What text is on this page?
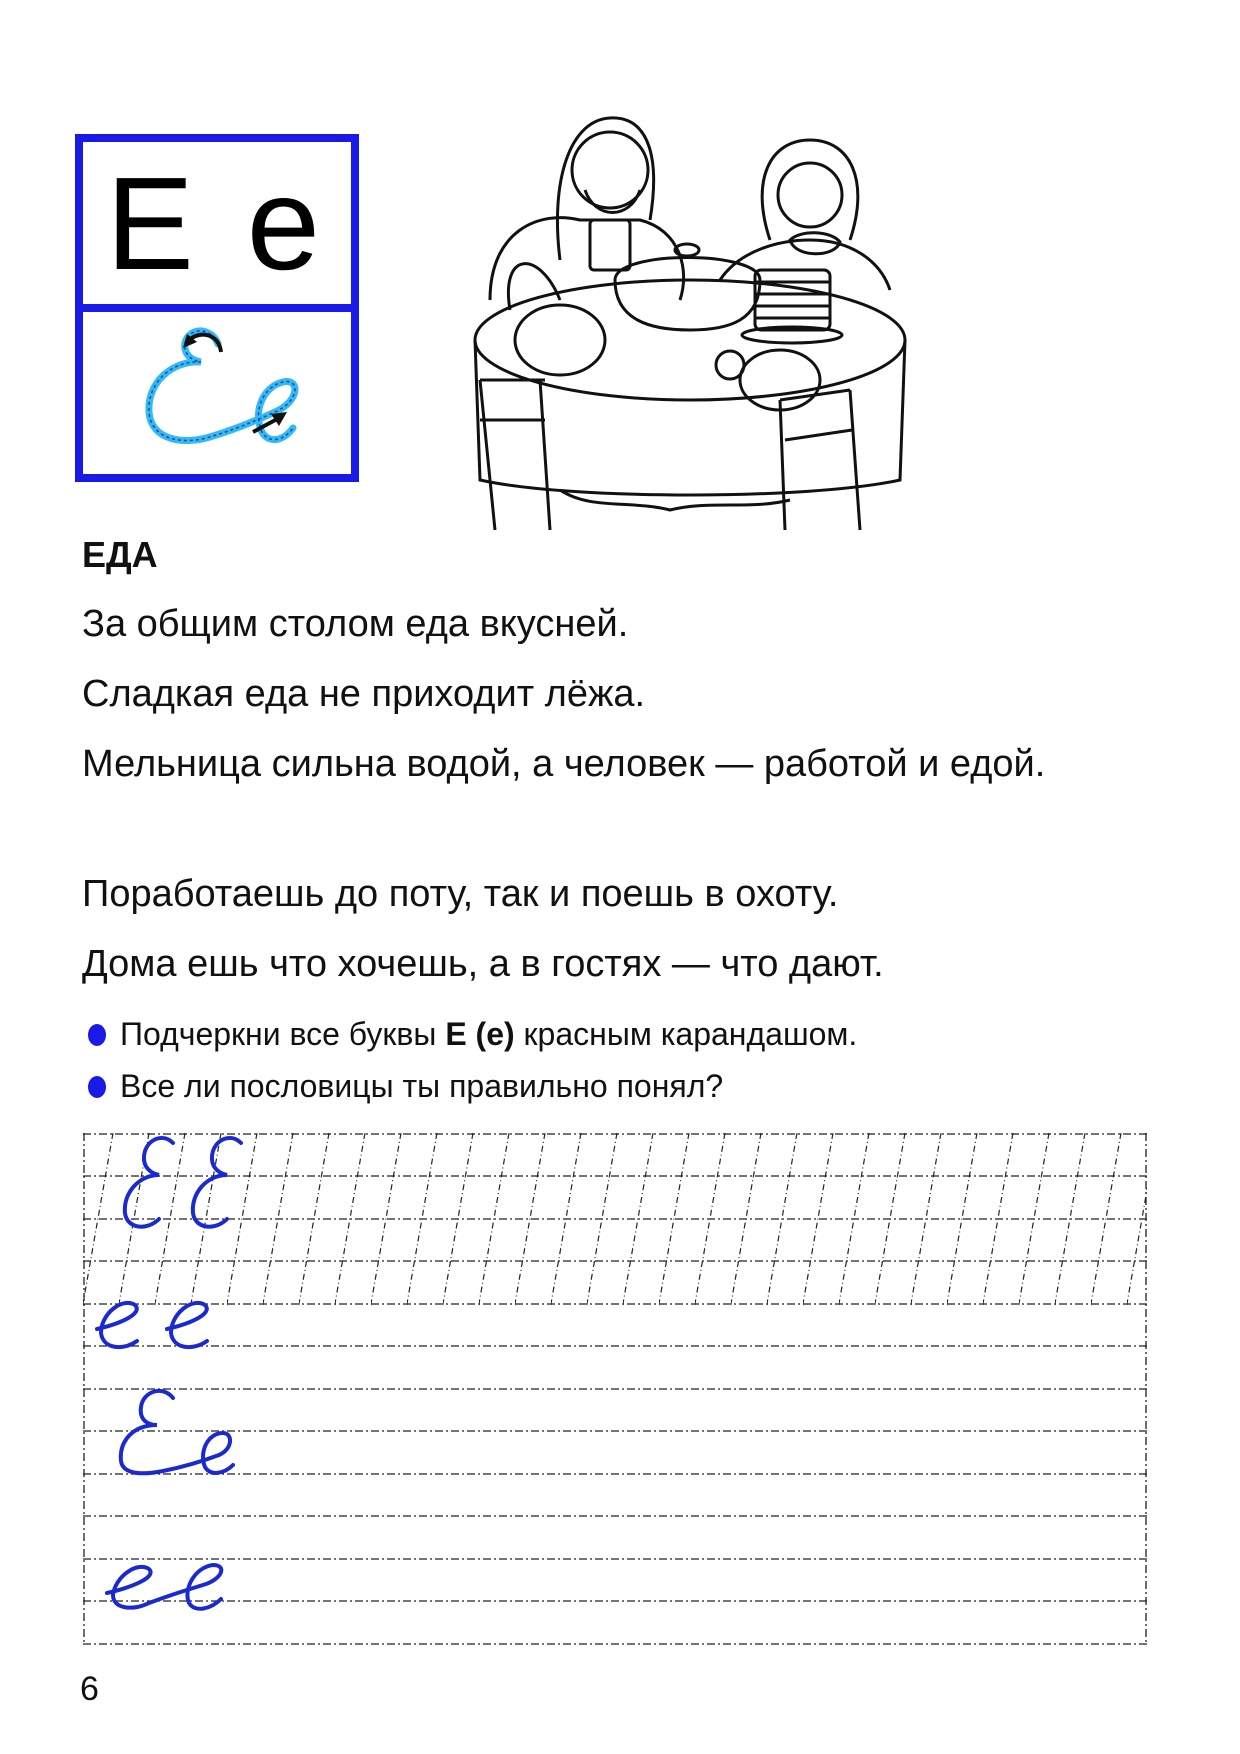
Е е
ЕДА
За общим столом еда вкусней.
Сладкая еда не приходит лёжа.
Мельница сильна водой, а человек — работой и едой.
Поработаешь до поту, так и поешь в охоту.
Дома ешь что хочешь, а в гостях — что дают.
Подчеркни все буквы Е (е) красным карандашом.
Все ли пословицы ты правильно понял?
6
